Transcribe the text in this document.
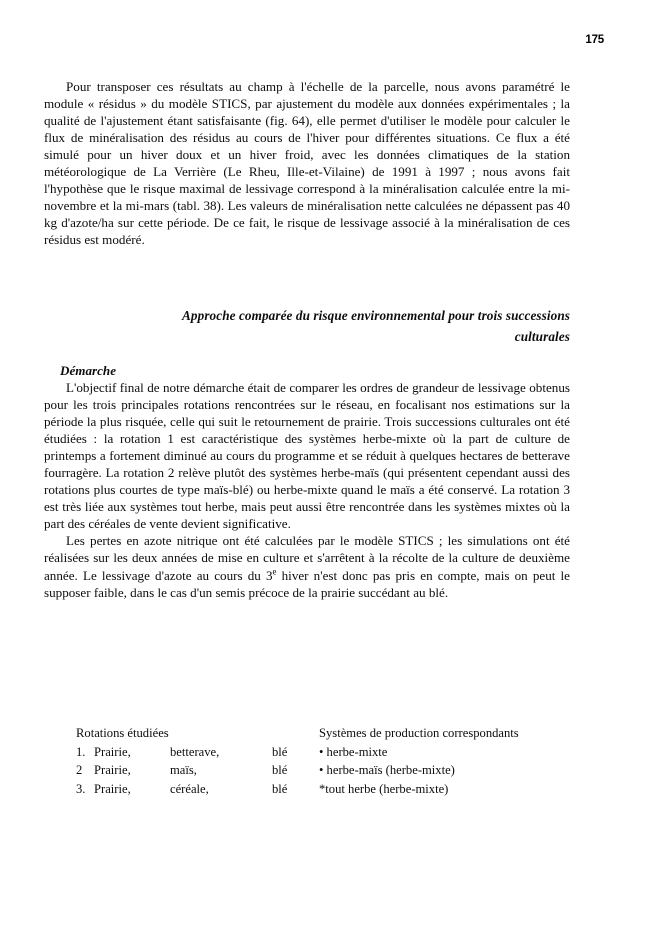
175

Pour transposer ces résultats au champ à l'échelle de la parcelle, nous avons paramétré le module « résidus » du modèle STICS, par ajustement du modèle aux données expérimentales ; la qualité de l'ajustement étant satisfaisante (fig. 64), elle permet d'utiliser le modèle pour calculer le flux de minéralisation des résidus au cours de l'hiver pour différentes situations. Ce flux a été simulé pour un hiver doux et un hiver froid, avec les données climatiques de la station météorologique de La Verrière (Le Rheu, Ille-et-Vilaine) de 1991 à 1997 ; nous avons fait l'hypothèse que le risque maximal de lessivage correspond à la minéralisation calculée entre la mi-novembre et la mi-mars (tabl. 38). Les valeurs de minéralisation nette calculées ne dépassent pas 40 kg d'azote/ha sur cette période. De ce fait, le risque de lessivage associé à la minéralisation de ces résidus est modéré.

Approche comparée du risque environnemental pour trois successions
culturales

Démarche

L'objectif final de notre démarche était de comparer les ordres de grandeur de lessivage obtenus pour les trois principales rotations rencontrées sur le réseau, en focalisant nos estimations sur la période la plus risquée, celle qui suit le retournement de prairie. Trois successions culturales ont été étudiées : la rotation 1 est caractéristique des systèmes herbe-mixte où la part de culture de printemps a fortement diminué au cours du programme et se réduit à quelques hectares de betterave fourragère. La rotation 2 relève plutôt des systèmes herbe-maïs (qui présentent cependant aussi des rotations plus courtes de type maïs-blé) ou herbe-mixte quand le maïs a été conservé. La rotation 3 est très liée aux systèmes tout herbe, mais peut aussi être rencontrée dans les systèmes mixtes où la part des céréales de vente devient significative.

Les pertes en azote nitrique ont été calculées par le modèle STICS ; les simulations ont été réalisées sur les deux années de mise en culture et s'arrêtent à la récolte de la culture de deuxième année. Le lessivage d'azote au cours du 3e hiver n'est donc pas pris en compte, mais on peut le supposer faible, dans le cas d'un semis précoce de la prairie succédant au blé.

Rotations étudiées	Systèmes de production correspondants
1. Prairie,	betterave,	blé	• herbe-mixte
2 Prairie,	maïs,	blé	• herbe-maïs (herbe-mixte)
3. Prairie,	céréale,	blé	*tout herbe (herbe-mixte)
